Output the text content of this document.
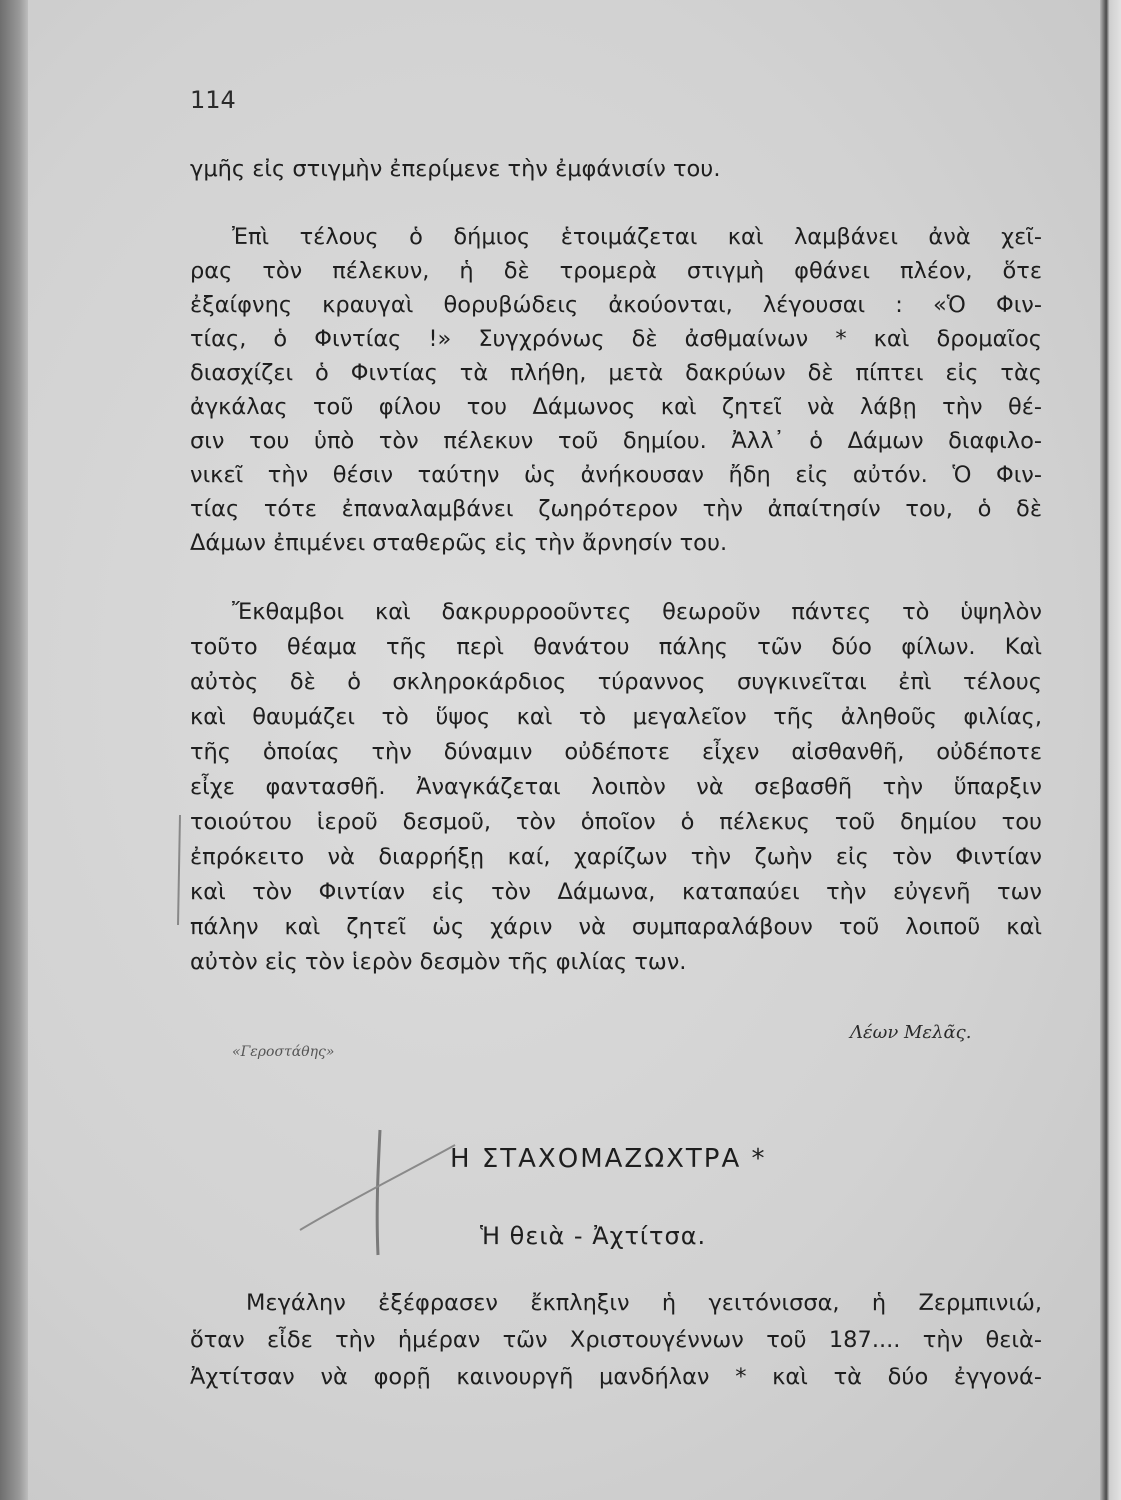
114
γμῆς εἰς στιγμὴν ἐπερίμενε τὴν ἐμφάνισίν του.
Ἐπὶ τέλους ὁ δήμιος ἑτοιμάζεται καὶ λαμβάνει ἀνὰ χεῖ-
ρας τὸν πέλεκυν, ἡ δὲ τρομερὰ στιγμὴ φθάνει πλέον, ὅτε
ἐξαίφνης κραυγαὶ θορυβώδεις ἀκούονται, λέγουσαι : «Ὁ Φιν-
τίας, ὁ Φιντίας !» Συγχρόνως δὲ ἀσθμαίνων * καὶ δρομαῖος
διασχίζει ὁ Φιντίας τὰ πλήθη, μετὰ δακρύων δὲ πίπτει εἰς τὰς
ἀγκάλας τοῦ φίλου του Δάμωνος καὶ ζητεῖ νὰ λάβῃ τὴν θέ-
σιν του ὑπὸ τὸν πέλεκυν τοῦ δημίου. Ἀλλ᾽ ὁ Δάμων διαφιλο-
νικεῖ τὴν θέσιν ταύτην ὡς ἀνήκουσαν ἤδη εἰς αὐτόν. Ὁ Φιν-
τίας τότε ἐπαναλαμβάνει ζωηρότερον τὴν ἀπαίτησίν του, ὁ δὲ
Δάμων ἐπιμένει σταθερῶς εἰς τὴν ἄρνησίν του.
Ἔκθαμβοι καὶ δακρυρροοῦντες θεωροῦν πάντες τὸ ὑψηλὸν
τοῦτο θέαμα τῆς περὶ θανάτου πάλης τῶν δύο φίλων. Καὶ
αὐτὸς δὲ ὁ σκληροκάρδιος τύραννος συγκινεῖται ἐπὶ τέλους
καὶ θαυμάζει τὸ ὕψος καὶ τὸ μεγαλεῖον τῆς ἀληθοῦς φιλίας,
τῆς ὁποίας τὴν δύναμιν οὐδέποτε εἶχεν αἰσθανθῆ, οὐδέποτε
εἶχε φαντασθῆ. Ἀναγκάζεται λοιπὸν νὰ σεβασθῆ τὴν ὕπαρξιν
τοιούτου ἱεροῦ δεσμοῦ, τὸν ὁποῖον ὁ πέλεκυς τοῦ δημίου του
ἐπρόκειτο νὰ διαρρήξῃ καί, χαρίζων τὴν ζωὴν εἰς τὸν Φιντίαν
καὶ τὸν Φιντίαν εἰς τὸν Δάμωνα, καταπαύει τὴν εὐγενῆ των
πάλην καὶ ζητεῖ ὡς χάριν νὰ συμπαραλάβουν τοῦ λοιποῦ καὶ
αὐτὸν εἰς τὸν ἱερὸν δεσμὸν τῆς φιλίας των.
Λέων Μελᾶς.
«Γεροστάθης»
Η ΣΤΑΧΟΜΑΖΩΧΤΡΑ *
Ἡ θειὰ - Ἀχτίτσα.
Μεγάλην ἐξέφρασεν ἔκπληξιν ἡ γειτόνισσα, ἡ Ζερμπινιώ,
ὅταν εἶδε τὴν ἡμέραν τῶν Χριστουγέννων τοῦ 187.... τὴν θειὰ-
Ἀχτίτσαν νὰ φορῇ καινουργῆ μανδήλαν * καὶ τὰ δύο ἐγγονά-
